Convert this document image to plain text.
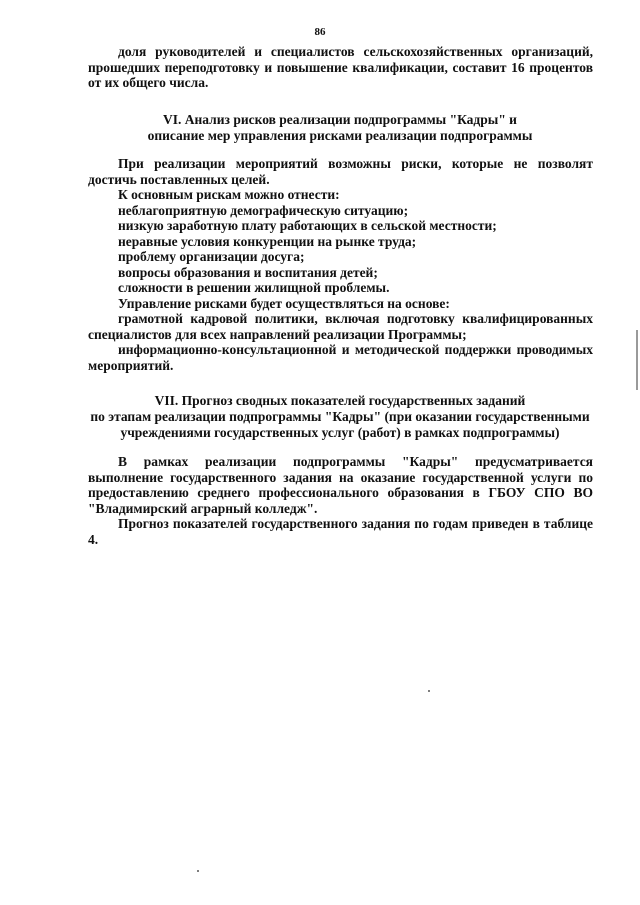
86

доля руководителей и специалистов сельскохозяйственных организаций, прошедших переподготовку и повышение квалификации, составит 16 процентов от их общего числа.

VI. Анализ рисков реализации подпрограммы "Кадры" и
описание мер управления рисками реализации подпрограммы

При реализации мероприятий возможны риски, которые не позволят достичь поставленных целей.

К основным рискам можно отнести:

неблагоприятную демографическую ситуацию;

низкую заработную плату работающих в сельской местности;

неравные условия конкуренции на рынке труда;

проблему организации досуга;

вопросы образования и воспитания детей;

сложности в решении жилищной проблемы.

Управление рисками будет осуществляться на основе:

грамотной кадровой политики, включая подготовку квалифицированных специалистов для всех направлений реализации Программы;

информационно-консультационной и методической поддержки проводимых мероприятий.

VII. Прогноз сводных показателей государственных заданий
по этапам реализации подпрограммы "Кадры" (при оказании государственными
учреждениями государственных услуг (работ) в рамках подпрограммы)

В рамках реализации подпрограммы "Кадры" предусматривается выполнение государственного задания на оказание государственной услуги по предоставлению среднего профессионального образования в ГБОУ СПО ВО "Владимирский аграрный колледж".

Прогноз показателей государственного задания по годам приведен в таблице 4.
